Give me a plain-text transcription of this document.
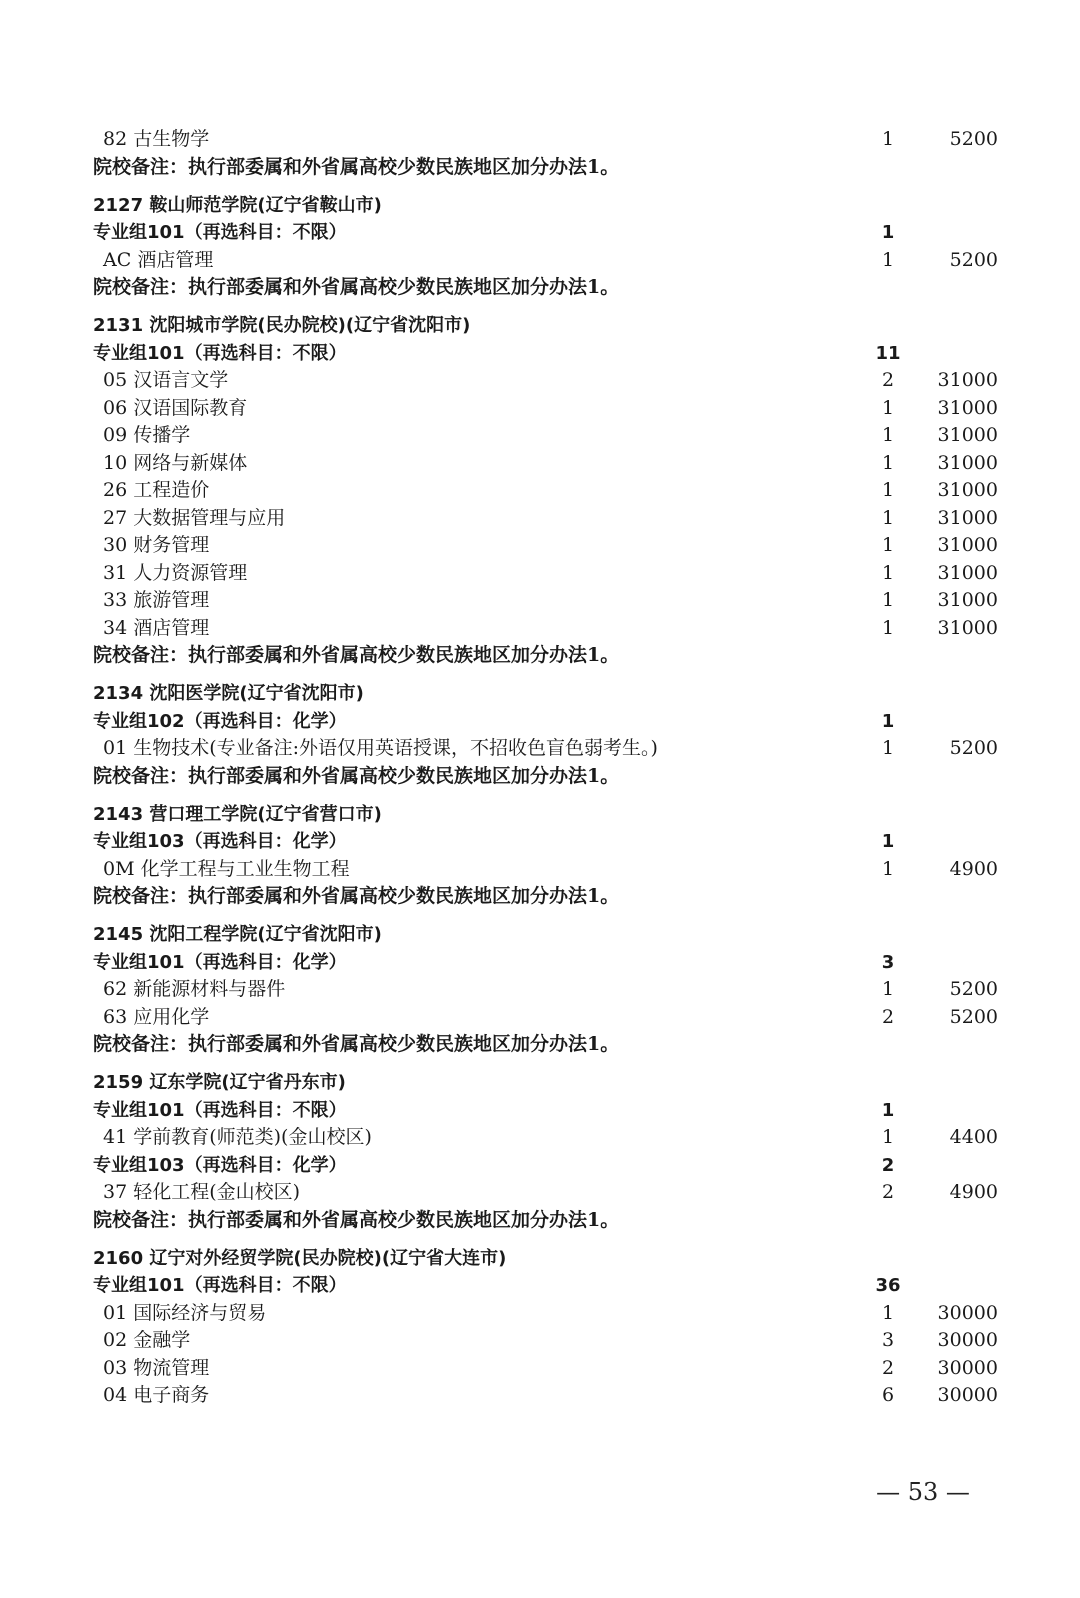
82 古生物学	1	5200
院校备注：执行部委属和外省属高校少数民族地区加分办法1。
2127 鞍山师范学院(辽宁省鞍山市)
专业组101（再选科目：不限）	1
AC 酒店管理	1	5200
院校备注：执行部委属和外省属高校少数民族地区加分办法1。
2131 沈阳城市学院(民办院校)(辽宁省沈阳市)
专业组101（再选科目：不限）	11
05 汉语言文学	2	31000
06 汉语国际教育	1	31000
09 传播学	1	31000
10 网络与新媒体	1	31000
26 工程造价	1	31000
27 大数据管理与应用	1	31000
30 财务管理	1	31000
31 人力资源管理	1	31000
33 旅游管理	1	31000
34 酒店管理	1	31000
院校备注：执行部委属和外省属高校少数民族地区加分办法1。
2134 沈阳医学院(辽宁省沈阳市)
专业组102（再选科目：化学）	1
01 生物技术(专业备注:外语仅用英语授课，不招收色盲色弱考生。)	1	5200
院校备注：执行部委属和外省属高校少数民族地区加分办法1。
2143 营口理工学院(辽宁省营口市)
专业组103（再选科目：化学）	1
0M 化学工程与工业生物工程	1	4900
院校备注：执行部委属和外省属高校少数民族地区加分办法1。
2145 沈阳工程学院(辽宁省沈阳市)
专业组101（再选科目：化学）	3
62 新能源材料与器件	1	5200
63 应用化学	2	5200
院校备注：执行部委属和外省属高校少数民族地区加分办法1。
2159 辽东学院(辽宁省丹东市)
专业组101（再选科目：不限）	1
41 学前教育(师范类)(金山校区)	1	4400
专业组103（再选科目：化学）	2
37 轻化工程(金山校区)	2	4900
院校备注：执行部委属和外省属高校少数民族地区加分办法1。
2160 辽宁对外经贸学院(民办院校)(辽宁省大连市)
专业组101（再选科目：不限）	36
01 国际经济与贸易	1	30000
02 金融学	3	30000
03 物流管理	2	30000
04 电子商务	6	30000
— 53 —
